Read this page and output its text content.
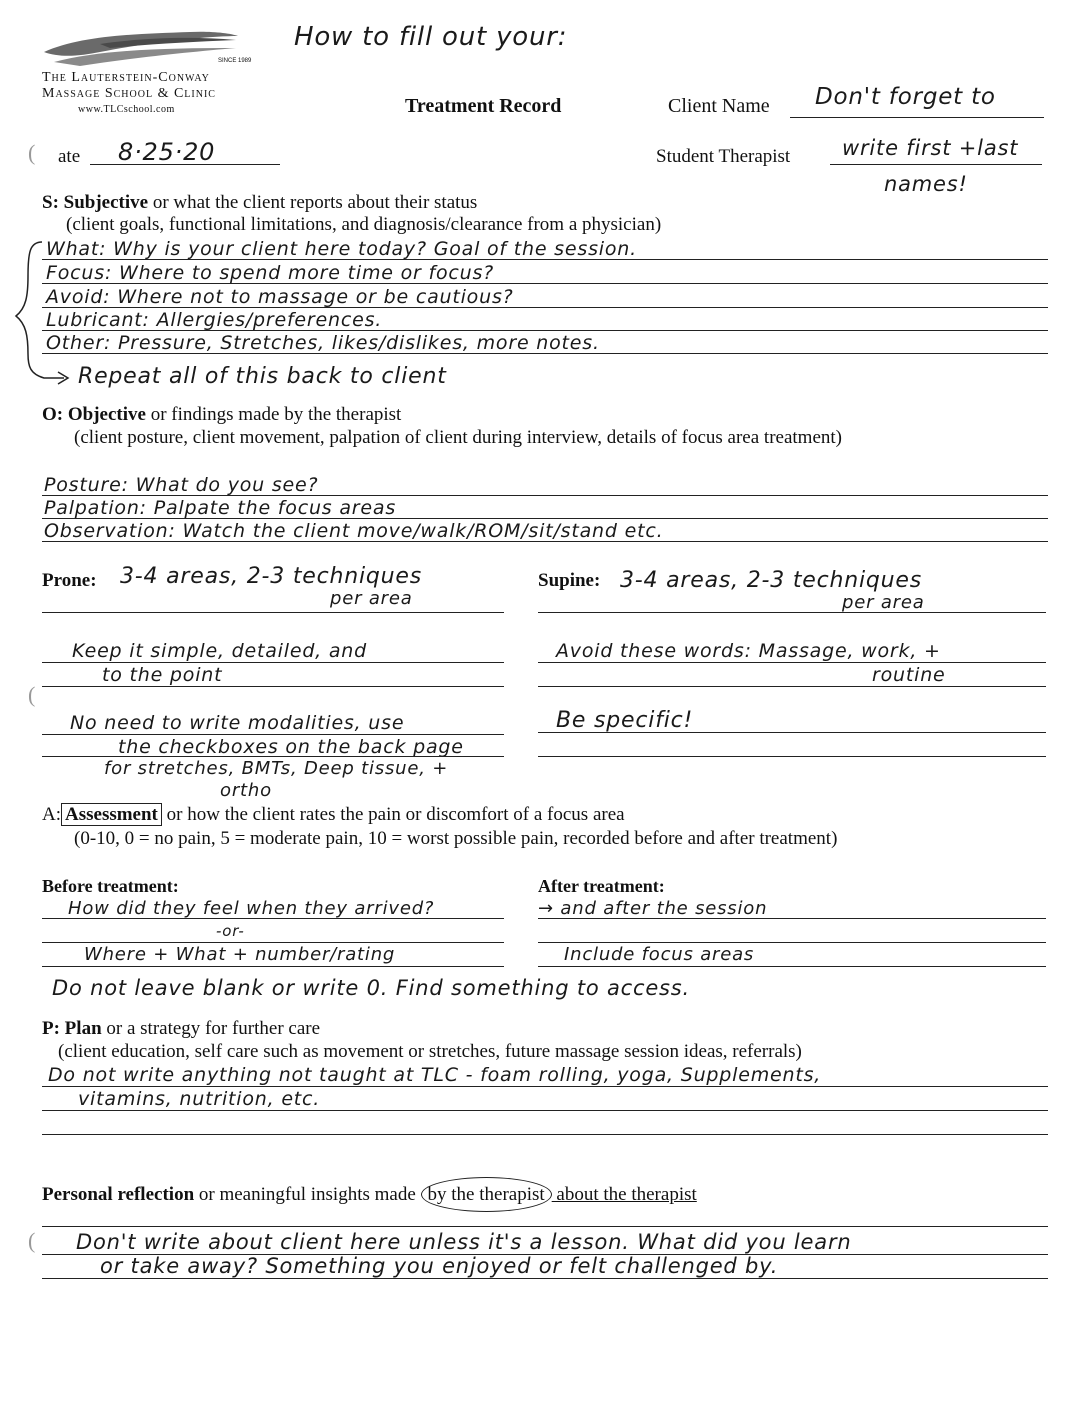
SINCE 1989
The Lauterstein-Conway
Massage School & Clinic
www.TLCschool.com
How to fill out your:
Treatment Record	Client Name Don't forget to
( ate 8·25·20	Student Therapist write first +last
names!
S: Subjective or what the client reports about their status
(client goals, functional limitations, and diagnosis/clearance from a physician)
What: Why is your client here today? Goal of the session.
Focus: Where to spend more time or focus?
Avoid: Where not to massage or be cautious?
Lubricant: Allergies/preferences.
Other: Pressure, Stretches, likes/dislikes, more notes.
Repeat all of this back to client
O: Objective or findings made by the therapist
(client posture, client movement, palpation of client during interview, details of focus area treatment)
Posture: What do you see?
Palpation: Palpate the focus areas
Observation: Watch the client move/walk/ROM/sit/stand etc.
Prone: 3-4 areas, 2-3 techniques
per area
Supine: 3-4 areas, 2-3 techniques
per area
Keep it simple, detailed, and
to the point
Avoid these words: Massage, work, +
routine
(
No need to write modalities, use
the checkboxes on the back page
for stretches, BMTs, Deep tissue, +
ortho
Be specific!
A: Assessment or how the client rates the pain or discomfort of a focus area
(0-10, 0 = no pain, 5 = moderate pain, 10 = worst possible pain, recorded before and after treatment)
Before treatment:
How did they feel when they arrived?
-or-
Where + What + number/rating
After treatment:
→ and after the session
Include focus areas
Do not leave blank or write 0. Find something to access.
P: Plan or a strategy for further care
(client education, self care such as movement or stretches, future massage session ideas, referrals)
Do not write anything not taught at TLC - foam rolling, yoga, Supplements,
vitamins, nutrition, etc.
Personal reflection or meaningful insights made by the therapist about the therapist
( Don't write about client here unless it's a lesson. What did you learn
or take away? Something you enjoyed or felt challenged by.
